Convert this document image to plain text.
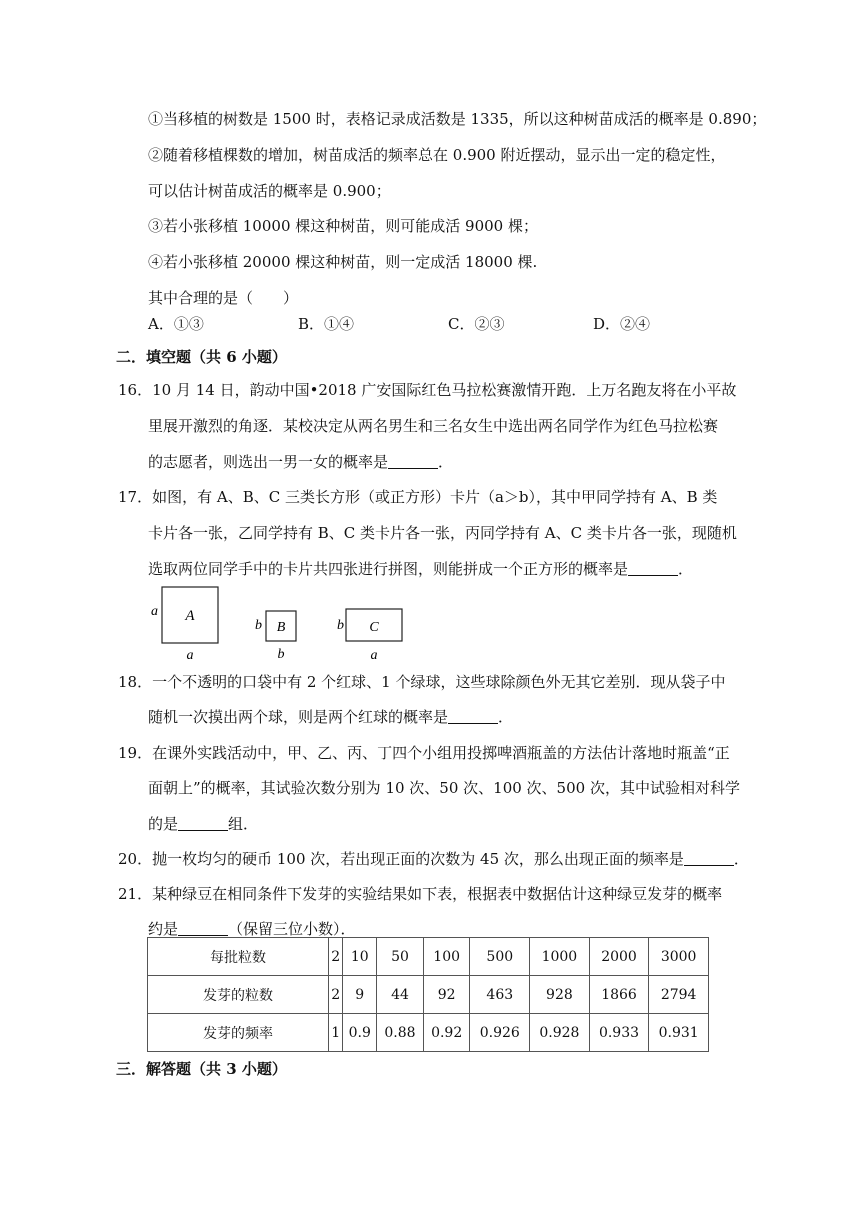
①当移植的树数是 1500 时，表格记录成活数是 1335，所以这种树苗成活的概率是 0.890；
②随着移植棵数的增加，树苗成活的频率总在 0.900 附近摆动，显示出一定的稳定性，
可以估计树苗成活的概率是 0.900；
③若小张移植 10000 棵这种树苗，则可能成活 9000 棵；
④若小张移植 20000 棵这种树苗，则一定成活 18000 棵.
其中合理的是（　　）
A．①③	B．①④	C．②③	D．②④
二．填空题（共 6 小题）
16．10 月 14 日，韵动中国•2018 广安国际红色马拉松赛激情开跑．上万名跑友将在小平故
里展开激烈的角逐．某校决定从两名男生和三名女生中选出两名同学作为红色马拉松赛
的志愿者，则选出一男一女的概率是	．
17．如图，有 A、B、C 三类长方形（或正方形）卡片（a＞b），其中甲同学持有 A、B 类
卡片各一张，乙同学持有 B、C 类卡片各一张，丙同学持有 A、C 类卡片各一张，现随机
选取两位同学手中的卡片共四张进行拼图，则能拼成一个正方形的概率是	．
A
a
a
B
b
b
C
b
a
18．一个不透明的口袋中有 2 个红球、1 个绿球，这些球除颜色外无其它差别．现从袋子中
随机一次摸出两个球，则是两个红球的概率是	．
19．在课外实践活动中，甲、乙、丙、丁四个小组用投掷啤酒瓶盖的方法估计落地时瓶盖“正
面朝上”的概率，其试验次数分别为 10 次、50 次、100 次、500 次，其中试验相对科学
的是	组．
20．抛一枚均匀的硬币 100 次，若出现正面的次数为 45 次，那么出现正面的频率是	．
21．某种绿豆在相同条件下发芽的实验结果如下表，根据表中数据估计这种绿豆发芽的概率
约是	（保留三位小数）．
每批粒数	2	10	50	100	500	1000	2000	3000
发芽的粒数	2	9	44	92	463	928	1866	2794
发芽的频率	1	0.9	0.88	0.92	0.926	0.928	0.933	0.931
三．解答题（共 3 小题）
